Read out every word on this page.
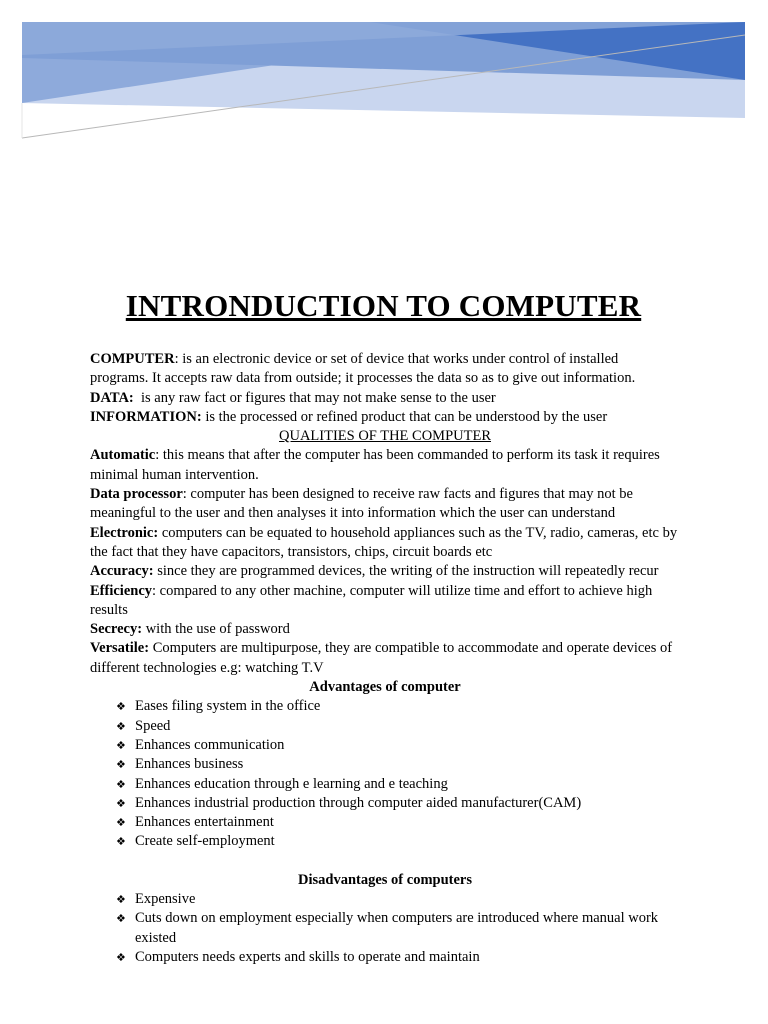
INTRONDUCTION TO COMPUTER

COMPUTER: is an electronic device or set of device that works under control of installed programs. It accepts raw data from outside; it processes the data so as to give out information.

DATA:  is any raw fact or figures that may not make sense to the user

INFORMATION: is the processed or refined product that can be understood by the user

QUALITIES OF THE COMPUTER

Automatic: this means that after the computer has been commanded to perform its task it requires minimal human intervention.

Data processor: computer has been designed to receive raw facts and figures that may not be meaningful to the user and then analyses it into information which the user can understand

Electronic: computers can be equated to household appliances such as the TV, radio, cameras, etc by the fact that they have capacitors, transistors, chips, circuit boards etc

Accuracy: since they are programmed devices, the writing of the instruction will repeatedly recur

Efficiency: compared to any other machine, computer will utilize time and effort to achieve high results

Secrecy: with the use of password

Versatile: Computers are multipurpose, they are compatible to accommodate and operate devices of different technologies e.g: watching T.V

Advantages of computer

❖ Eases filing system in the office
❖ Speed
❖ Enhances communication
❖ Enhances business
❖ Enhances education through e learning and e teaching
❖ Enhances industrial production through computer aided manufacturer(CAM)
❖ Enhances entertainment
❖ Create self-employment

Disadvantages of computers

❖ Expensive
❖ Cuts down on employment especially when computers are introduced where manual work existed
❖ Computers needs experts and skills to operate and maintain
